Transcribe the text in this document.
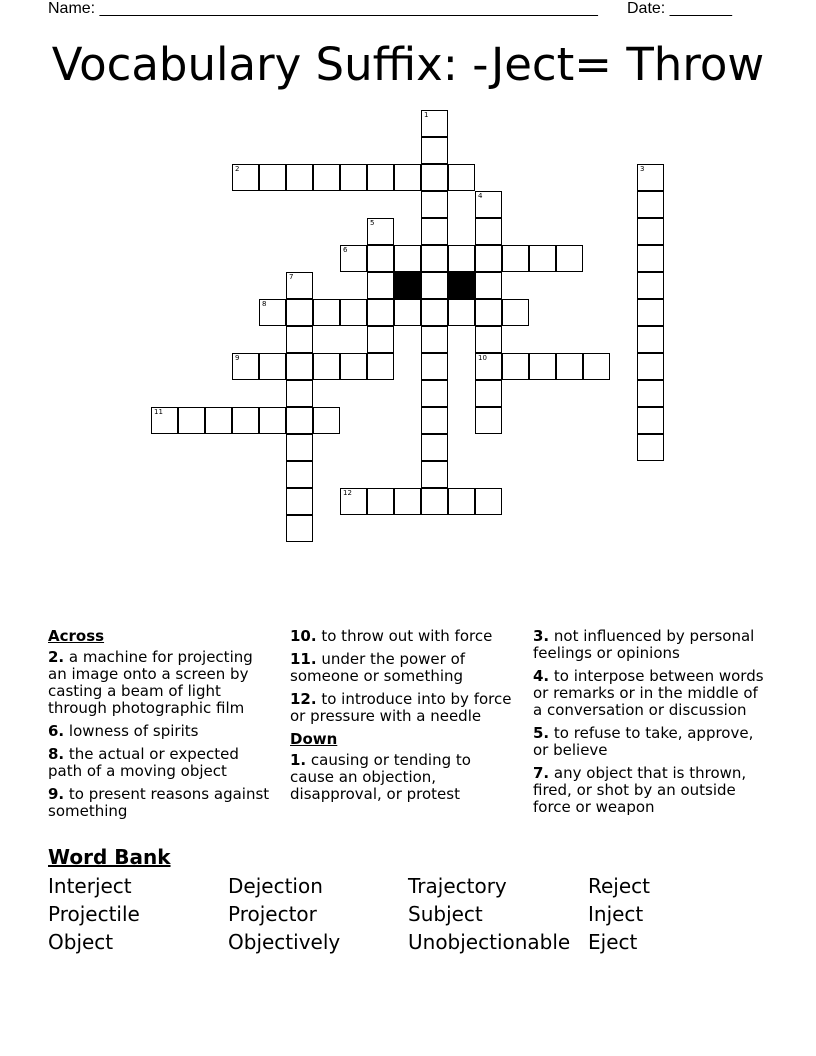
Name: ________________________________________________________ Date: _______
Vocabulary Suffix: -Ject= Throw
1
2	3
4
10
5
6
7
8
9
11
12
Across
2. a machine for projecting an image onto a screen by casting a beam of light through photographic film
6. lowness of spirits
8. the actual or expected path of a moving object
9. to present reasons against something
10. to throw out with force
11. under the power of someone or something
12. to introduce into by force or pressure with a needle
Down
1. causing or tending to cause an objection, disapproval, or protest
3. not influenced by personal feelings or opinions
4. to interpose between words or remarks or in the middle of a conversation or discussion
5. to refuse to take, approve, or believe
7. any object that is thrown, fired, or shot by an outside force or weapon
Word Bank
Interject	Dejection	Trajectory	Reject
Projectile	Projector	Subject	Inject
Object	Objectively	Unobjectionable Eject
